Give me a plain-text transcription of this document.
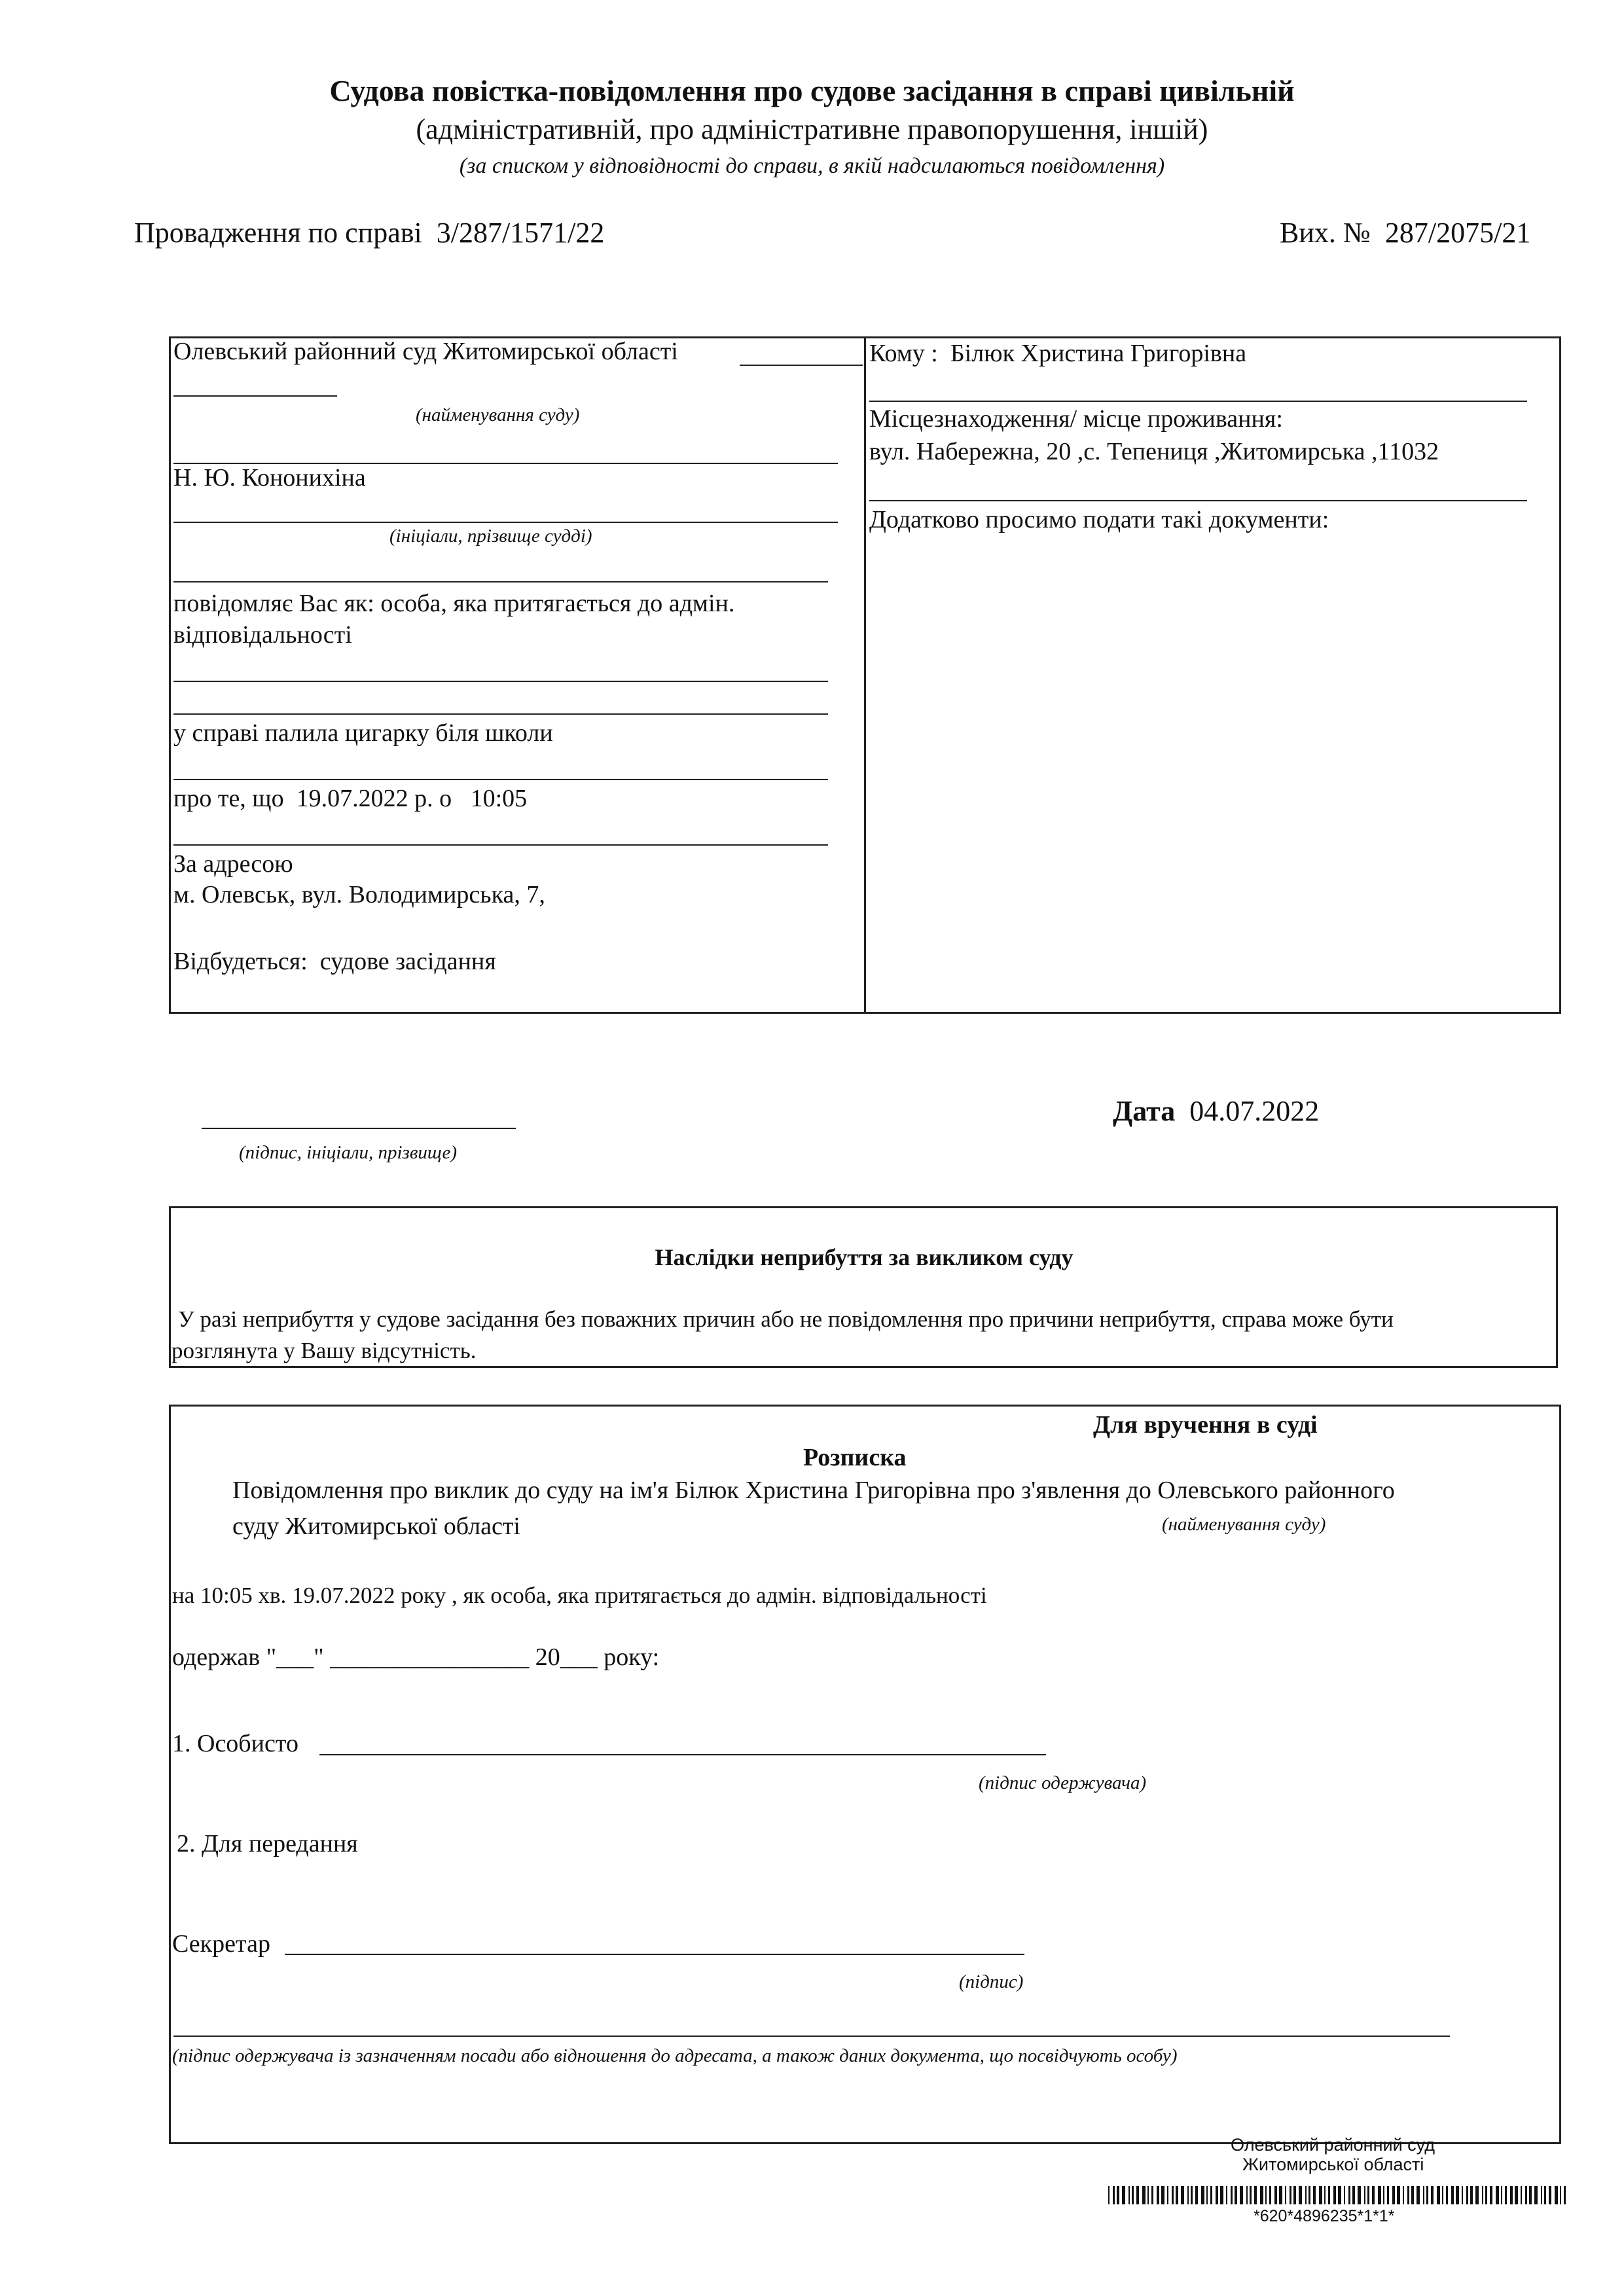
Судова повістка-повідомлення про судове засідання в справі цивільній
(адміністративній, про адміністративне правопорушення, іншій)
(за списком у відповідності до справи, в якій надсилаються повідомлення)
Провадження по справі 3/287/1571/22	Вих. № 287/2075/21
Олевський районний суд Житомирської області
(найменування суду)
Н. Ю. Кононихіна
(ініціали, прізвище судді)
повідомляє Вас як: особа, яка притягається до адмін.
відповідальності
у справі палила цигарку біля школи
про те, що 19.07.2022 р. о 10:05
За адресою
м. Олевськ, вул. Володимирська, 7,
Відбудеться: судове засідання
Кому : Білюк Христина Григорівна
Місцезнаходження/ місце проживання:
вул. Набережна, 20 ,с. Тепениця ,Житомирська ,11032
Додатково просимо подати такі документи:
(підпис, ініціали, прізвище)
Дата 04.07.2022
Наслідки неприбуття за викликом суду
У разі неприбуття у судове засідання без поважних причин або не повідомлення про причини неприбуття, справа може бути
розглянута у Вашу відсутність.
Для вручення в суді
Розписка
Повідомлення про виклик до суду на ім'я Білюк Христина Григорівна про з'явлення до Олевського районного
суду Житомирської області	(найменування суду)
на 10:05 хв. 19.07.2022 року , як особа, яка притягається до адмін. відповідальності
одержав "___" ________________ 20___ року:
1. Особисто
(підпис одержувача)
2. Для передання
Секретар
(підпис)
(підпис одержувача із зазначенням посади або відношення до адресата, а також даних документа, що посвідчують особу)
Олевський районний суд
Житомирської області
*620*4896235*1*1*
